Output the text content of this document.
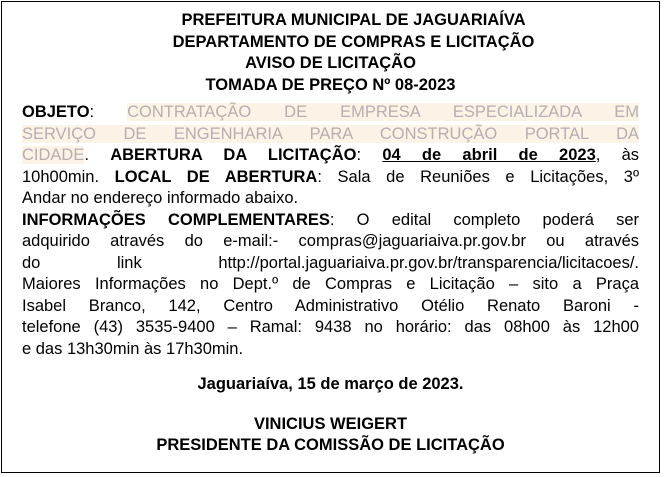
PREFEITURA MUNICIPAL DE JAGUARIAÍVA
DEPARTAMENTO DE COMPRAS E LICITAÇÃO
AVISO DE LICITAÇÃO
TOMADA DE PREÇO Nº 08-2023
OBJETO: CONTRATAÇÃO DE EMPRESA ESPECIALIZADA EM
SERVIÇO DE ENGENHARIA PARA CONSTRUÇÃO PORTAL DA
CIDADE. ABERTURA DA LICITAÇÃO: 04 de abril de 2023, às
10h00min. LOCAL DE ABERTURA: Sala de Reuniões e Licitações, 3º
Andar no endereço informado abaixo.
INFORMAÇÕES COMPLEMENTARES: O edital completo poderá ser
adquirido através do e-mail:- compras@jaguariaiva.pr.gov.br ou através
do link http://portal.jaguariaiva.pr.gov.br/transparencia/licitacoes/.
Maiores Informações no Dept.º de Compras e Licitação – sito a Praça
Isabel Branco, 142, Centro Administrativo Otélio Renato Baroni -
telefone (43) 3535-9400 – Ramal: 9438 no horário: das 08h00 às 12h00
e das 13h30min às 17h30min.
Jaguariaíva, 15 de março de 2023.
VINICIUS WEIGERT
PRESIDENTE DA COMISSÃO DE LICITAÇÃO
